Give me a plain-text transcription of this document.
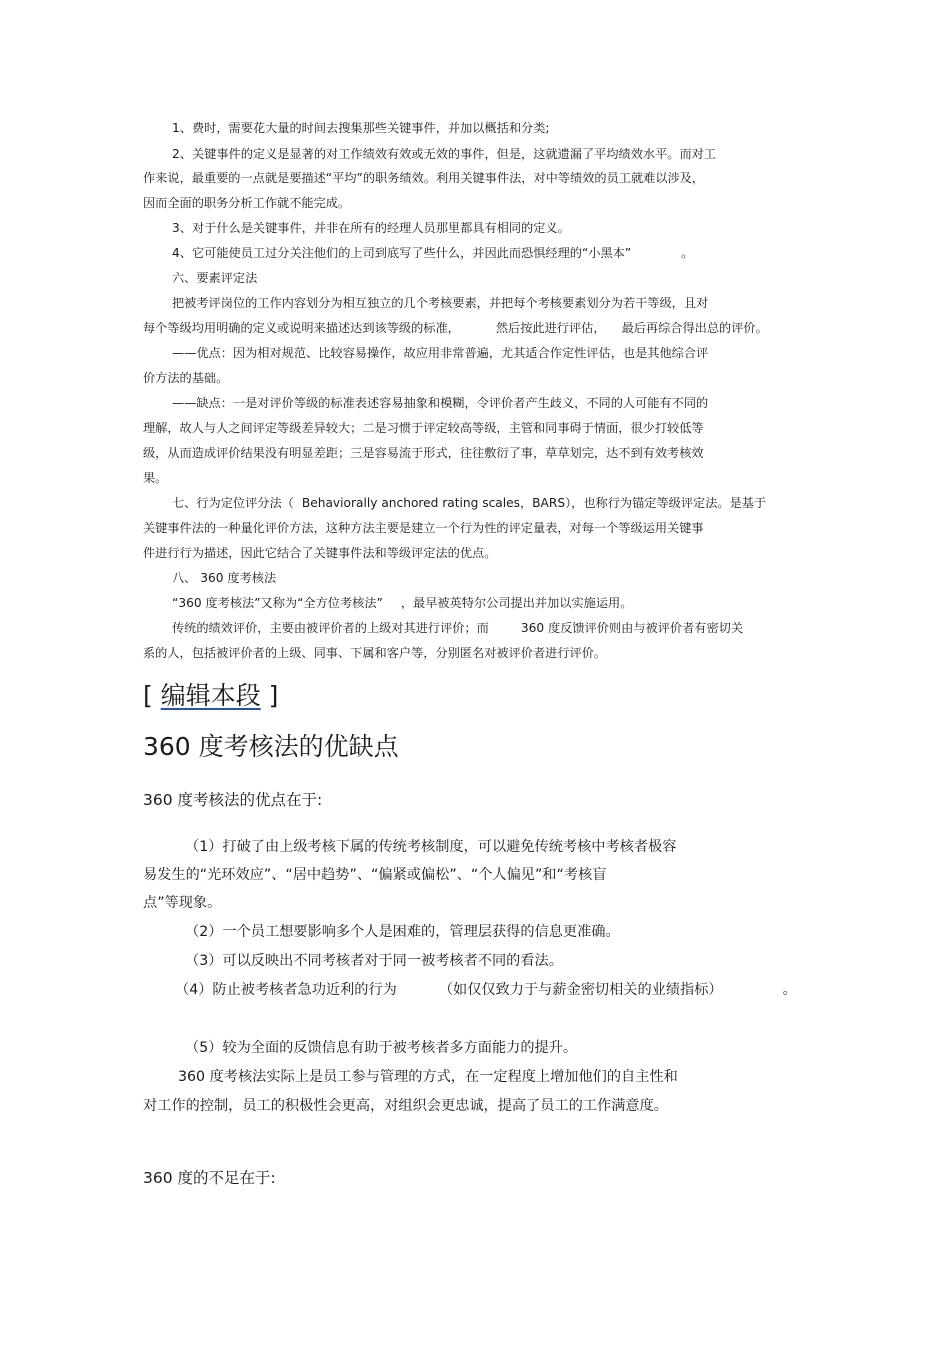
1、费时，需要花大量的时间去搜集那些关键事件，并加以概括和分类;
2、关键事件的定义是显著的对工作绩效有效或无效的事件，但是，这就遗漏了平均绩效水平。而对工
作来说，最重要的一点就是要描述“平均”的职务绩效。利用关键事件法，对中等绩效的员工就难以涉及，
因而全面的职务分析工作就不能完成。
3、对于什么是关键事件，并非在所有的经理人员那里都具有相同的定义。
4、它可能使员工过分关注他们的上司到底写了些什么，并因此而恐惧经理的“小黑本”	。
六、要素评定法
把被考评岗位的工作内容划分为相互独立的几个考核要素，并把每个考核要素划分为若干等级，且对
每个等级均用明确的定义或说明来描述达到该等级的标准，	然后按此进行评估， 最后再综合得出总的评价。
——优点：因为相对规范、比较容易操作，故应用非常普遍，尤其适合作定性评估，也是其他综合评
价方法的基础。
——缺点：一是对评价等级的标准表述容易抽象和模糊，令评价者产生歧义，不同的人可能有不同的
理解，故人与人之间评定等级差异较大；二是习惯于评定较高等级，主管和同事碍于情面，很少打较低等
级，从而造成评价结果没有明显差距；三是容易流于形式，往往敷衍了事，草草划完，达不到有效考核效
果。
七、行为定位评分法（ Behaviorally anchored rating scales，BARS），也称行为锚定等级评定法。是基于
关键事件法的一种量化评价方法，这种方法主要是建立一个行为性的评定量表，对每一个等级运用关键事
件进行行为描述，因此它结合了关键事件法和等级评定法的优点。
八、 360 度考核法
“360 度考核法”又称为“全方位考核法” ，最早被英特尔公司提出并加以实施运用。
传统的绩效评价，主要由被评价者的上级对其进行评价；而	360 度反馈评价则由与被评价者有密切关
系的人，包括被评价者的上级、同事、下属和客户等，分别匿名对被评价者进行评价。
[ 编辑本段 ]
360 度考核法的优缺点
360 度考核法的优点在于:
（1）打破了由上级考核下属的传统考核制度，可以避免传统考核中考核者极容
易发生的“光环效应”、“居中趋势”、“偏紧或偏松”、“个人偏见”和“考核盲
点”等现象。
（2）一个员工想要影响多个人是困难的，管理层获得的信息更准确。
（3）可以反映出不同考核者对于同一被考核者不同的看法。
（4）防止被考核者急功近利的行为	（如仅仅致力于与薪金密切相关的业绩指标）	。
（5）较为全面的反馈信息有助于被考核者多方面能力的提升。
360 度考核法实际上是员工参与管理的方式，在一定程度上增加他们的自主性和
对工作的控制，员工的积极性会更高，对组织会更忠诚，提高了员工的工作满意度。
360 度的不足在于:
